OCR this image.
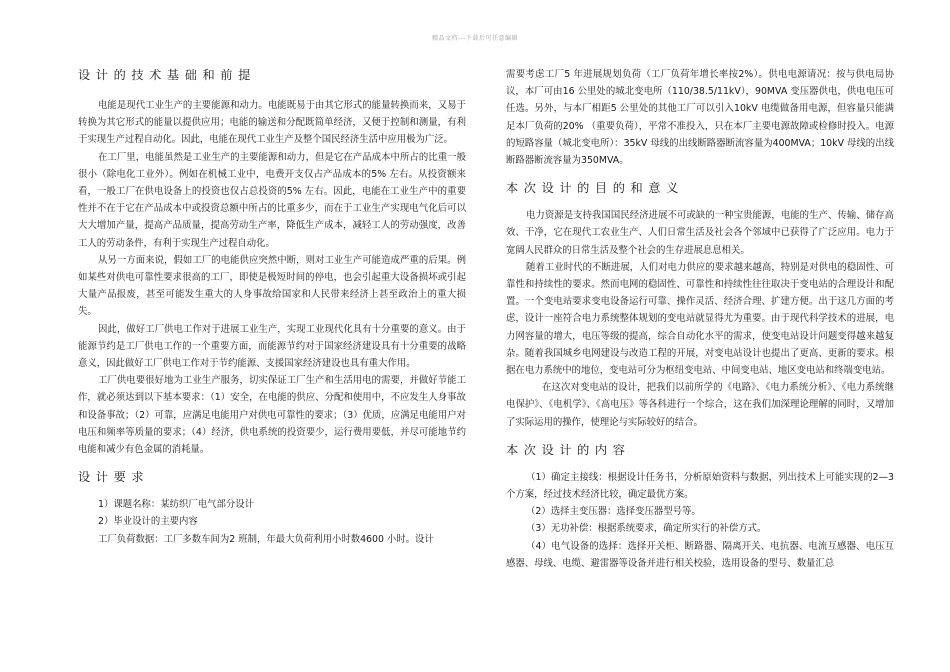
精品文档---下载后可任意编辑
设计的技术基础和前提

电能是现代工业生产的主要能源和动力。电能既易于由其它形式的能量转换而来，又易于转换为其它形式的能量以提供应用；电能的输送和分配既简单经济，又便于控制和测量，有利于实现生产过程自动化。因此，电能在现代工业生产及整个国民经济生活中应用极为广泛。

在工厂里，电能虽然是工业生产的主要能源和动力，但是它在产品成本中所占的比重一般很小（除电化工业外）。例如在机械工业中，电费开支仅占产品成本的5% 左右。从投资额来看，一般工厂在供电设备上的投资也仅占总投资的5% 左右。因此，电能在工业生产中的重要性并不在于它在产品成本中或投资总额中所占的比重多少，而在于工业生产实现电气化后可以大大增加产量，提高产品质量，提高劳动生产率，降低生产成本，减轻工人的劳动强度，改善工人的劳动条件，有利于实现生产过程自动化。

从另一方面来说，假如工厂的电能供应突然中断，则对工业生产可能造成严重的后果。例如某些对供电可靠性要求很高的工厂，即使是极短时间的停电，也会引起重大设备损坏或引起大量产品报废，甚至可能发生重大的人身事故给国家和人民带来经济上甚至政治上的重大损失。

因此，做好工厂供电工作对于进展工业生产，实现工业现代化具有十分重要的意义。由于能源节约是工厂供电工作的一个重要方面，而能源节约对于国家经济建设具有十分重要的战略意义，因此做好工厂供电工作对于节约能源、支援国家经济建设也具有重大作用。

工厂供电要很好地为工业生产服务，切实保证工厂生产和生活用电的需要，并做好节能工作，就必须达到以下基本要求：（1）安全，在电能的供应、分配和使用中，不应发生人身事故和设备事故；（2）可靠，应满足电能用户对供电可靠性的要求；（3）优质，应满足电能用户对电压和频率等质量的要求；（4）经济，供电系统的投资要少，运行费用要低，并尽可能地节约电能和减少有色金属的消耗量。

设计要求

1）课题名称：某纺织厂电气部分设计

2）毕业设计的主要内容

工厂负荷数据：工厂多数车间为2 班制，年最大负荷利用小时数4600 小时。设计

需要考虑工厂5 年进展规划负荷（工厂负荷年增长率按2%）。供电电源请况：按与供电局协议，本厂可由16 公里处的城北变电所（110/38.5/11kV），90MVA 变压器供电，供电电压可任选。另外，与本厂相距5 公里处的其他工厂可以引入10kV 电缆做备用电源，但容量只能满足本厂负荷的20% （重要负荷），平常不准投入，只在本厂主要电源故障或检修时投入。电源的短路容量（城北变电所）：35kV 母线的出线断路器断流容量为400MVA；10kV 母线的出线断路器断流容量为350MVA。

本次设计的目的和意义

电力资源是支持我国国民经济进展不可或缺的一种宝贵能源，电能的生产、传输、储存高效、干净，它在现代工农业生产、人们日常生活及社会各个邻域中已获得了广泛应用。电力于宽阔人民群众的日常生活及整个社会的生存进展息息相关。

随着工业时代的不断进展，人们对电力供应的要求越来越高，特别是对供电的稳固性、可靠性和持续性的要求。然而电网的稳固性、可靠性和持续性往往取决于变电站的合理设计和配置。一个变电站要求变电设备运行可靠、操作灵活、经济合理、扩建方便。出于这几方面的考虑，设计一座符合电力系统整体规划的变电站就显得尤为重要。由于现代科学技术的进展，电力网容量的增大，电压等级的提高，综合自动化水平的需求，使变电站设计问题变得越来越复杂。随着我国城乡电网建设与改造工程的开展，对变电站设计也提出了更高、更新的要求。根据在电力系统中的地位，变电站可分为枢纽变电站、中间变电站、地区变电站和终端变电站。

在这次对变电站的设计，把我们以前所学的《电路》、《电力系统分析》、《电力系统继电保护》、《电机学》、《高电压》等各科进行一个综合，这在我们加深理论理解的同时，又增加了实际运用的操作，使理论与实际较好的结合。

本次设计的内容

（1）确定主接线：根据设计任务书，分析原始资料与数据，列出技术上可能实现的2—3 个方案，经过技术经济比较，确定最优方案。

（2）选择主变压器：选择变压器型号等。

（3）无功补偿：根据系统要求，确定所实行的补偿方式。

（4）电气设备的选择：选择开关柜、断路器、隔离开关、电抗器、电流互感器、电压互感器、母线、电缆、避雷器等设备并进行相关校验，选用设备的型号、数量汇总
